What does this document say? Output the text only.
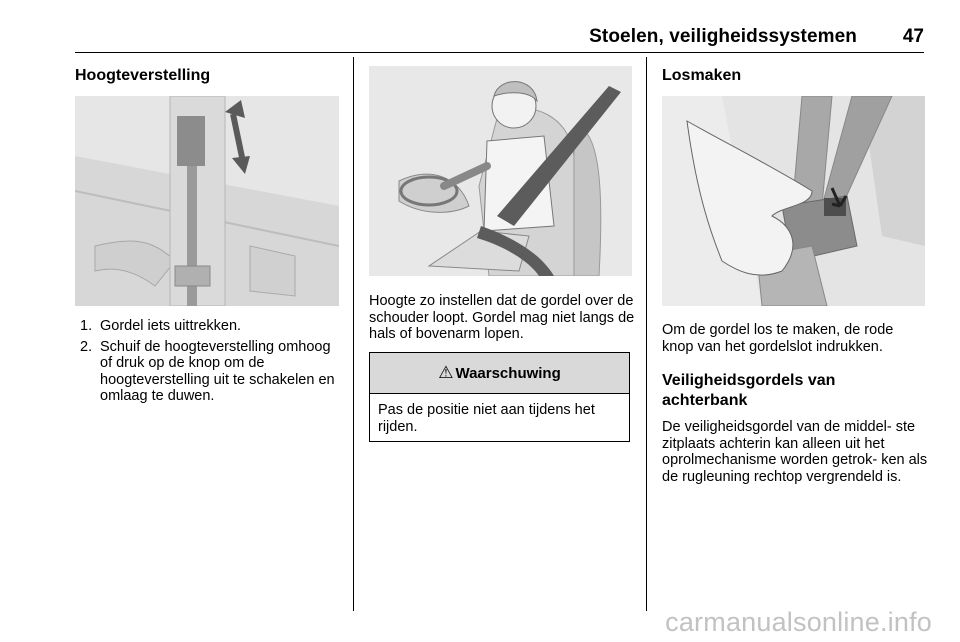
Stoelen, veiligheidssystemen 47
Hoogteverstelling
1. Gordel iets uittrekken.
2. Schuif de hoogteverstelling omhoog of druk op de knop om de hoogteverstelling uit te schakelen en omlaag te duwen.
Hoogte zo instellen dat de gordel over de schouder loopt. Gordel mag niet langs de hals of bovenarm lopen.
⚠ Waarschuwing
Pas de positie niet aan tijdens het rijden.
Losmaken
Om de gordel los te maken, de rode knop van het gordelslot indrukken.
Veiligheidsgordels van achterbank
De veiligheidsgordel van de middel- ste zitplaats achterin kan alleen uit het oprolmechanisme worden getrok- ken als de rugleuning rechtop vergrendeld is.
carmanualsonline.info
